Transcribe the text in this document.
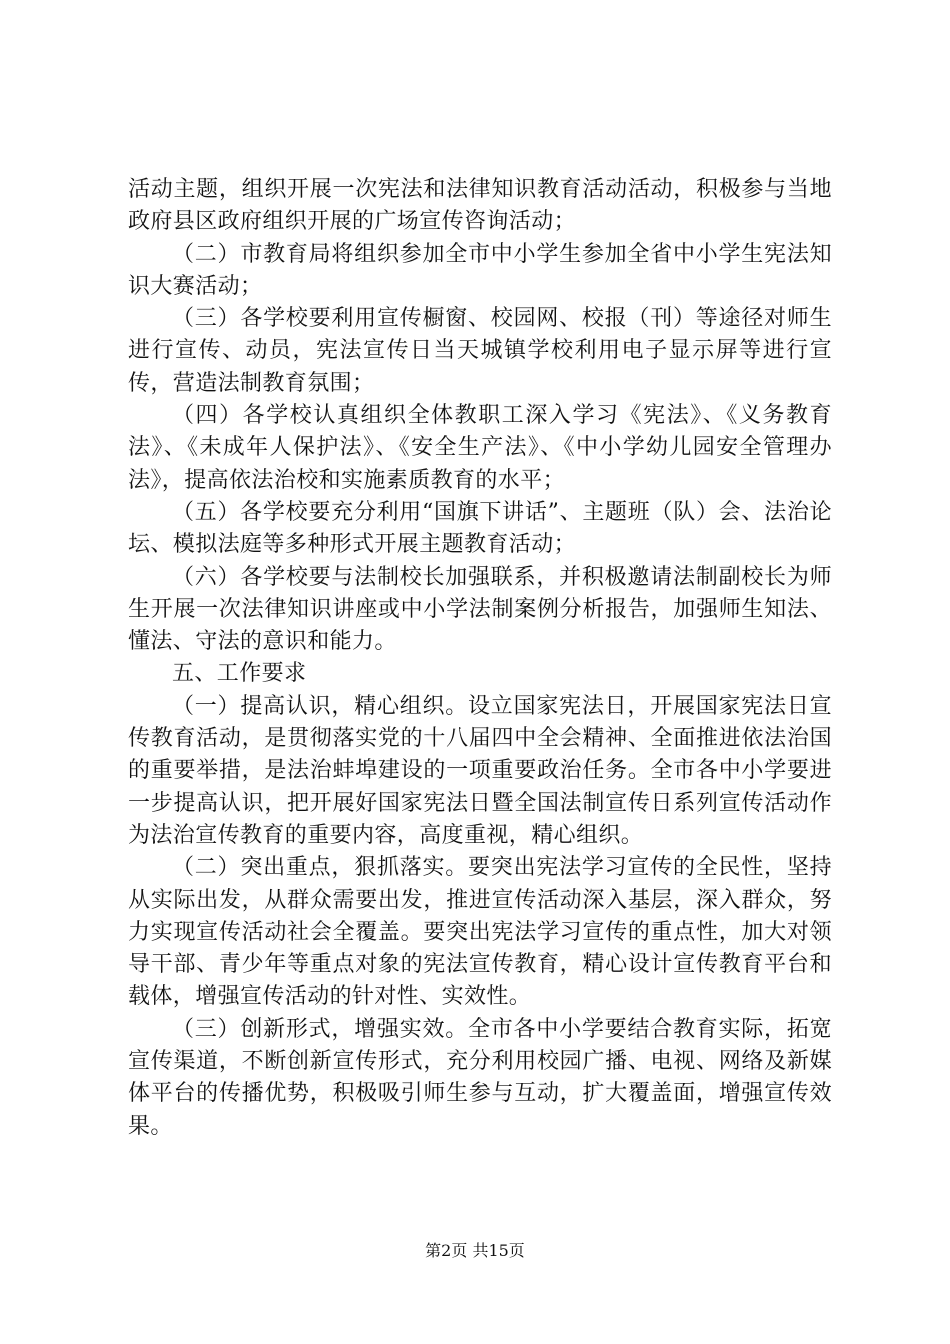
活动主题，组织开展一次宪法和法律知识教育活动活动，积极参与当地政府县区政府组织开展的广场宣传咨询活动；

（二）市教育局将组织参加全市中小学生参加全省中小学生宪法知识大赛活动；

（三）各学校要利用宣传橱窗、校园网、校报（刊）等途径对师生进行宣传、动员，宪法宣传日当天城镇学校利用电子显示屏等进行宣传，营造法制教育氛围；

（四）各学校认真组织全体教职工深入学习《宪法》、《义务教育法》、《未成年人保护法》、《安全生产法》、《中小学幼儿园安全管理办法》，提高依法治校和实施素质教育的水平；

（五）各学校要充分利用“国旗下讲话”、主题班（队）会、法治论坛、模拟法庭等多种形式开展主题教育活动；

（六）各学校要与法制校长加强联系，并积极邀请法制副校长为师生开展一次法律知识讲座或中小学法制案例分析报告，加强师生知法、懂法、守法的意识和能力。

五、工作要求

（一）提高认识，精心组织。设立国家宪法日，开展国家宪法日宣传教育活动，是贯彻落实党的十八届四中全会精神、全面推进依法治国的重要举措，是法治蚌埠建设的一项重要政治任务。全市各中小学要进一步提高认识，把开展好国家宪法日暨全国法制宣传日系列宣传活动作为法治宣传教育的重要内容，高度重视，精心组织。

（二）突出重点，狠抓落实。要突出宪法学习宣传的全民性，坚持从实际出发，从群众需要出发，推进宣传活动深入基层，深入群众，努力实现宣传活动社会全覆盖。要突出宪法学习宣传的重点性，加大对领导干部、青少年等重点对象的宪法宣传教育，精心设计宣传教育平台和载体，增强宣传活动的针对性、实效性。

（三）创新形式，增强实效。全市各中小学要结合教育实际，拓宽宣传渠道，不断创新宣传形式，充分利用校园广播、电视、网络及新媒体平台的传播优势，积极吸引师生参与互动，扩大覆盖面，增强宣传效果。

第2页 共15页
